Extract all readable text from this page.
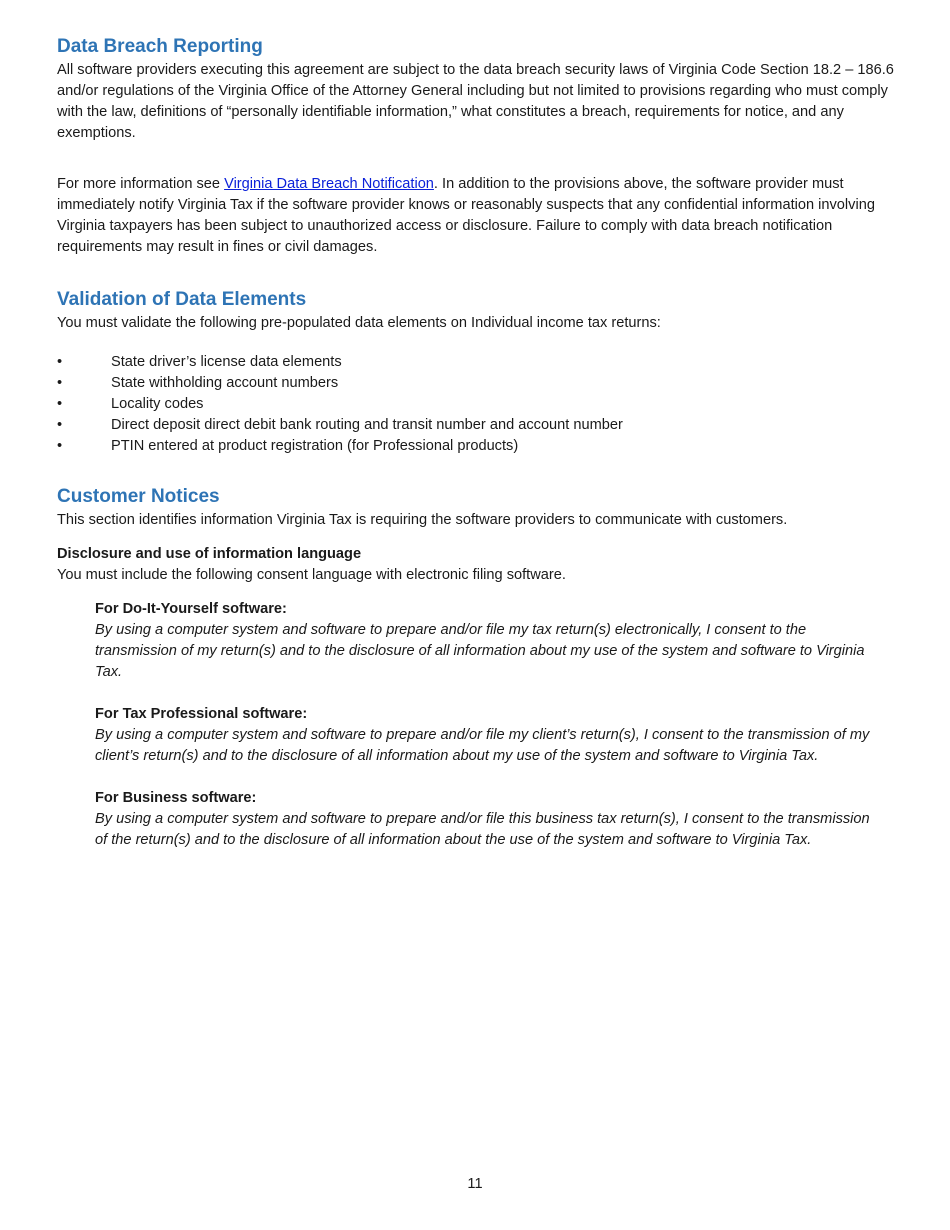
Data Breach Reporting

All software providers executing this agreement are subject to the data breach security laws of Virginia Code Section 18.2 – 186.6 and/or regulations of the Virginia Office of the Attorney General including but not limited to provisions regarding who must comply with the law, definitions of “personally identifiable information,” what constitutes a breach, requirements for notice, and any exemptions.

For more information see Virginia Data Breach Notification. In addition to the provisions above, the software provider must immediately notify Virginia Tax if the software provider knows or reasonably suspects that any confidential information involving Virginia taxpayers has been subject to unauthorized access or disclosure. Failure to comply with data breach notification requirements may result in fines or civil damages.

Validation of Data Elements

You must validate the following pre-populated data elements on Individual income tax returns:

•	State driver’s license data elements
•	State withholding account numbers
•	Locality codes
•	Direct deposit direct debit bank routing and transit number and account number
•	PTIN entered at product registration (for Professional products)
Customer Notices

This section identifies information Virginia Tax is requiring the software providers to communicate with customers.

Disclosure and use of information language

You must include the following consent language with electronic filing software.

For Do-It-Yourself software:
By using a computer system and software to prepare and/or file my tax return(s) electronically, I consent to the transmission of my return(s) and to the disclosure of all information about my use of the system and software to Virginia Tax.
For Tax Professional software:
By using a computer system and software to prepare and/or file my client’s return(s), I consent to the transmission of my client’s return(s) and to the disclosure of all information about my use of the system and software to Virginia Tax.
For Business software:
By using a computer system and software to prepare and/or file this business tax return(s), I consent to the transmission of the return(s) and to the disclosure of all information about the use of the system and software to Virginia Tax.
11
